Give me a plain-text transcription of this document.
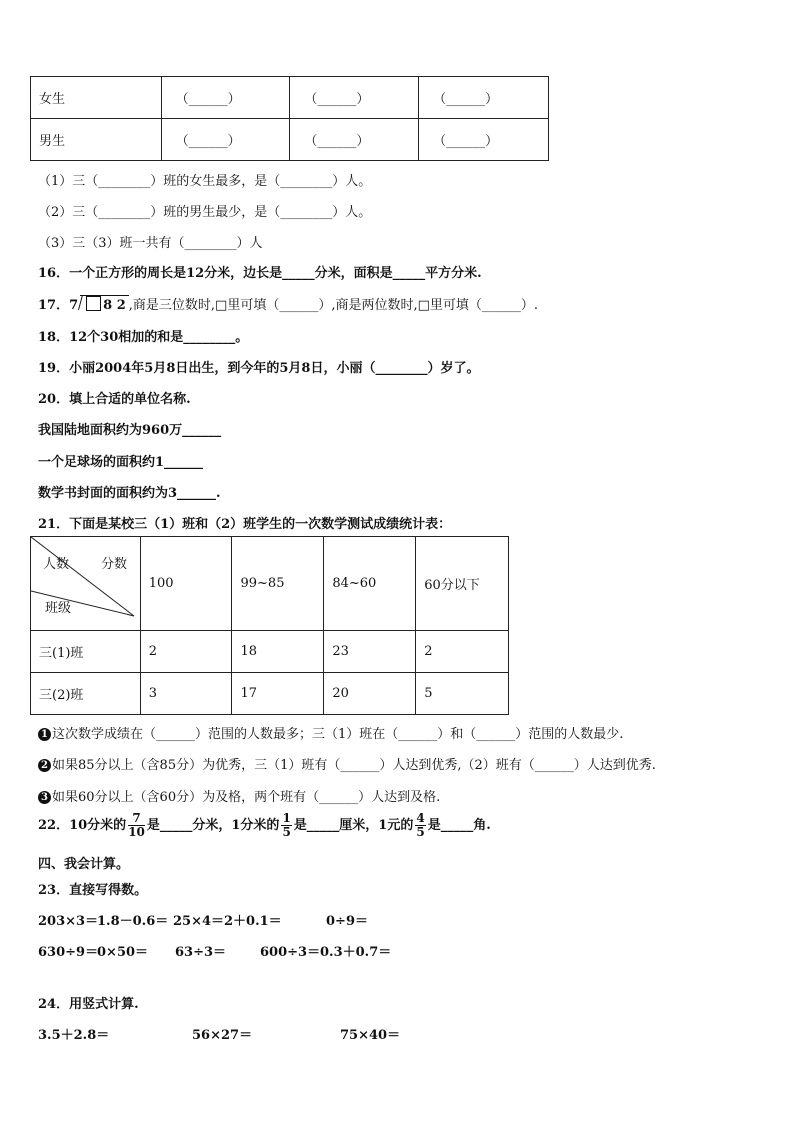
女生	（______）	（______）	（______）
男生	（______）	（______）	（______）
（1）三（________）班的女生最多，是（________）人。
（2）三（________）班的男生最少，是（________）人。
（3）三（3）班一共有（________）人
16．一个正方形的周长是12分米，边长是_____分米，面积是_____平方分米.
17．7 8 2 ,商是三位数时,□里可填（______）,商是两位数时,□里可填（______）.
18．12个30相加的和是________。
19．小丽2004年5月8日出生，到今年的5月8日，小丽（________）岁了。
20．填上合适的单位名称.
我国陆地面积约为960万______
一个足球场的面积约1______
数学书封面的面积约为3______.
21．下面是某校三（1）班和（2）班学生的一次数学测试成绩统计表：
人数 分数
班级	100	99~85	84~60	60分以下
三(1)班	2	18	23	2
三(2)班	3	17	20	5
1 这次数学成绩在（______）范围的人数最多；三（1）班在（______）和（______）范围的人数最少.
2 如果85分以上（含85分）为优秀，三（1）班有（______）人达到优秀,（2）班有（______）人达到优秀.
3 如果60分以上（含60分）为及格，两个班有（______）人达到及格.
22．10分米的 $\frac{7}{10}$ 是_____分米，1分米的 $\frac{1}{5}$ 是_____厘米，1元的 $\frac{4}{5}$ 是_____角.
四、我会计算。
23．直接写得数。
203×3＝
1.8－0.6＝ 25×4＝ 2＋0.1＝	0÷9＝
630÷9＝
0×50＝ 63÷3＝	600÷3＝ 0.3＋0.7＝
24．用竖式计算.
3.5＋2.8＝	56×27＝	75×40＝
